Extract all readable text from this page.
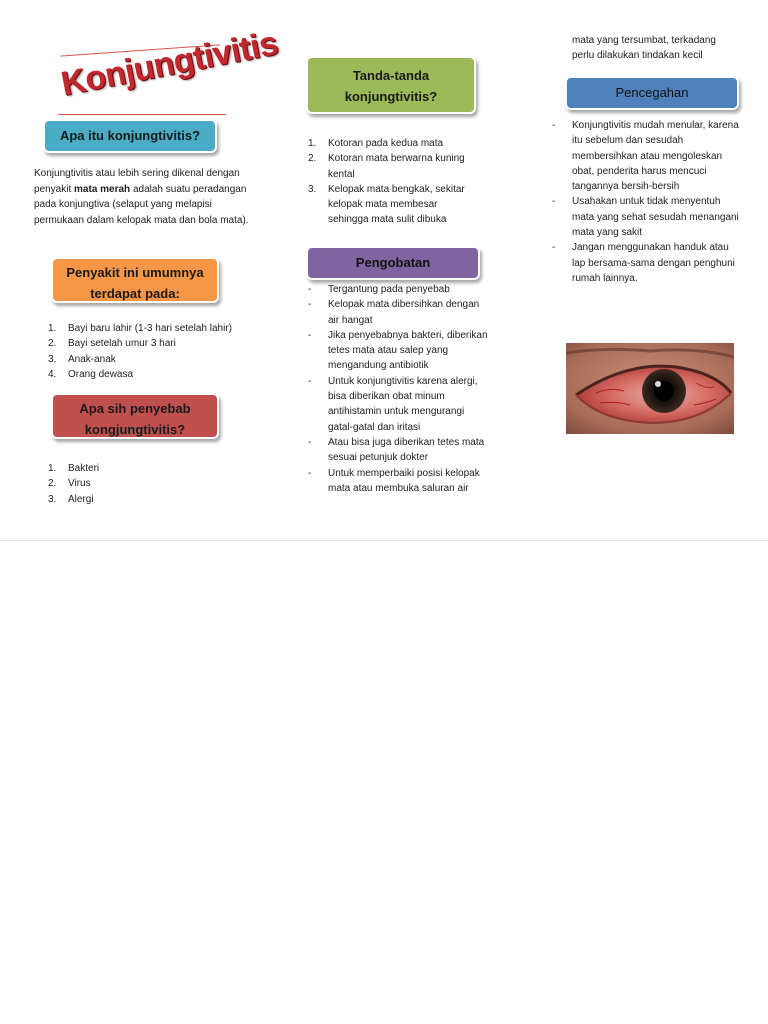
Konjungtivitis
Apa itu konjungtivitis?
Konjungtivitis atau lebih sering dikenal dengan penyakit mata merah adalah suatu peradangan pada konjungtiva (selaput yang melapisi permukaan dalam kelopak mata dan bola mata).
Penyakit ini umumnya
terdapat pada:
1. Bayi baru lahir (1-3 hari setelah lahir)
2. Bayi setelah umur 3 hari
3. Anak-anak
4. Orang dewasa
Apa sih penyebab
kongjungtivitis?
1. Bakteri
2. Virus
3. Alergi
Tanda-tanda
konjungtivitis?
1. Kotoran pada kedua mata
2. Kotoran mata berwarna kuning kental
3. Kelopak mata bengkak, sekitar kelopak mata membesar sehingga mata sulit dibuka
Pengobatan
- Tergantung pada penyebab
- Kelopak mata dibersihkan dengan air hangat
- Jika penyebabnya bakteri, diberikan tetes mata atau salep yang mengandung antibiotik
- Untuk konjungtivitis karena alergi, bisa diberikan obat minum antihistamin untuk mengurangi gatal-gatal dan iritasi
- Atau bisa juga diberikan tetes mata sesuai petunjuk dokter
- Untuk memperbaiki posisi kelopak mata atau membuka saluran air
mata yang tersumbat, terkadang perlu dilakukan tindakan kecil
Pencegahan
- Konjungtivitis mudah menular, karena itu sebelum dan sesudah membersihkan atau mengoleskan obat, penderita harus mencuci tangannya bersih-bersih
- Usahakan untuk tidak menyentuh mata yang sehat sesudah menangani mata yang sakit
- Jangan menggunakan handuk atau lap bersama-sama dengan penghuni rumah lainnya.
